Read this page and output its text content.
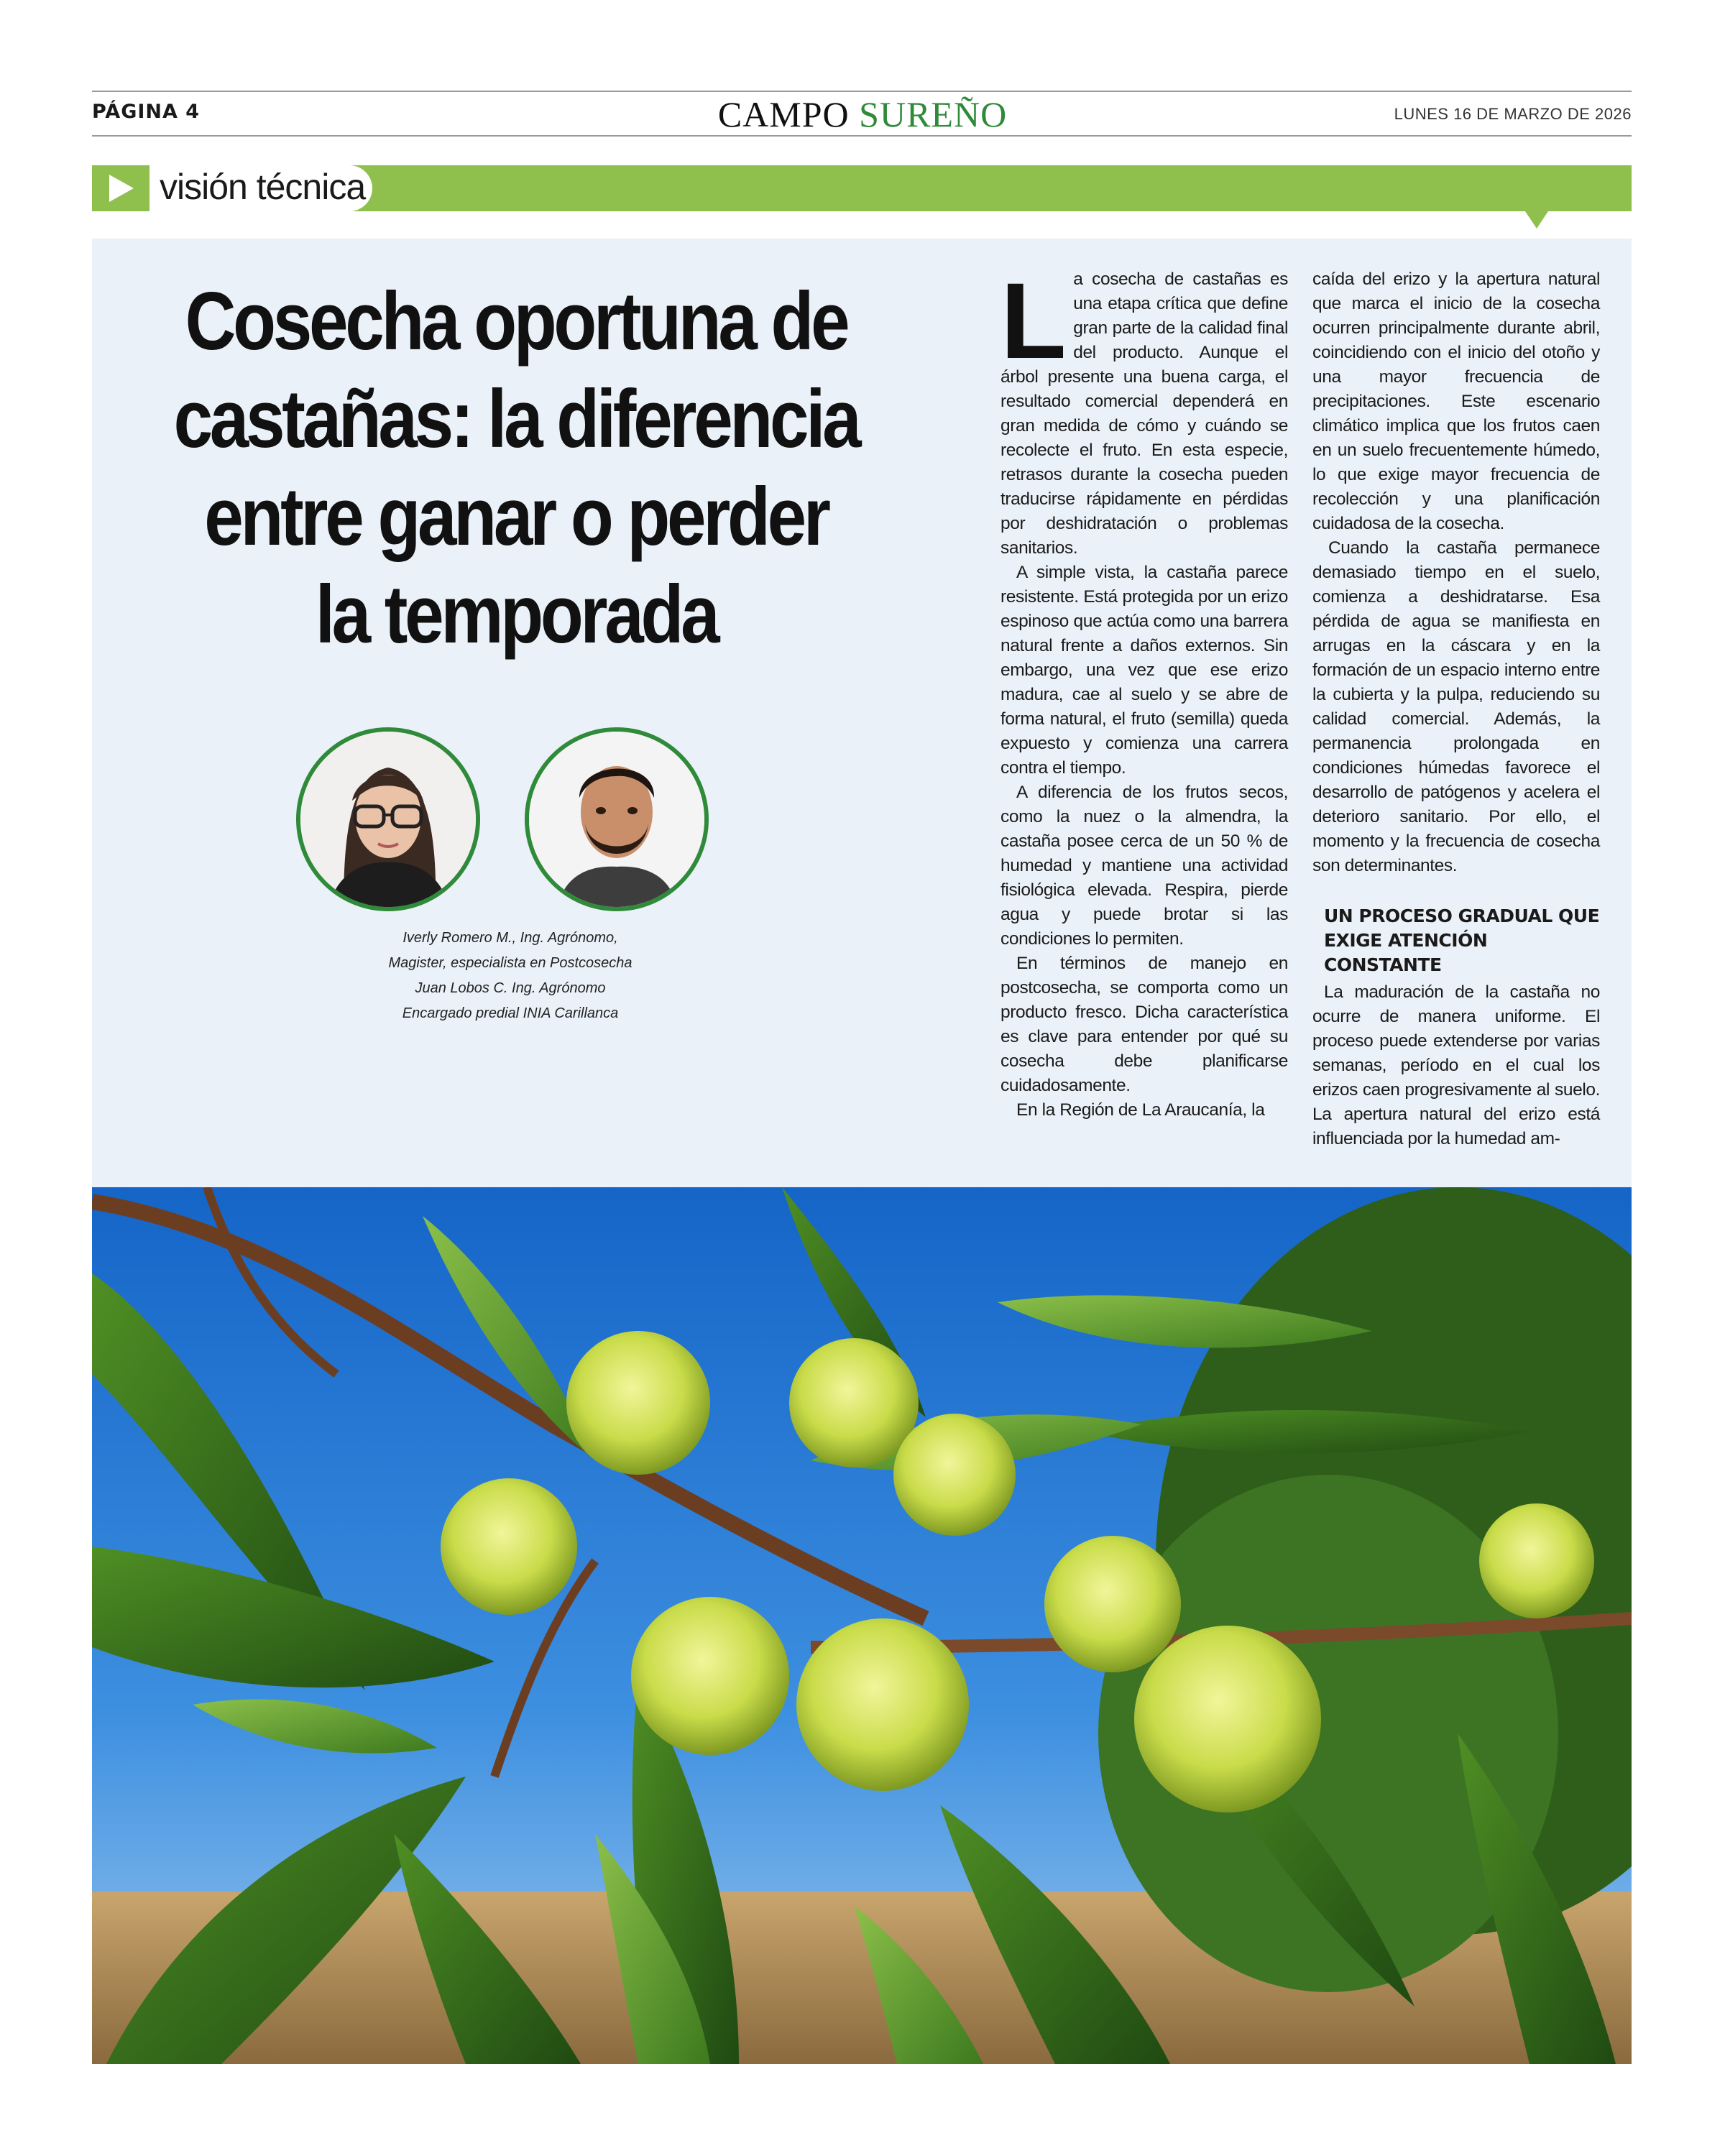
PÁGINA 4	CAMPO SUREÑO	LUNES 16 DE MARZO DE 2026
visión técnica
Cosecha oportuna de castañas: la diferencia entre ganar o perder la temporada
Iverly Romero M., Ing. Agrónomo,
Magister, especialista en Postcosecha
Juan Lobos C. Ing. Agrónomo
Encargado predial INIA Carillanca

La cosecha de castañas es una etapa crítica que define gran parte de la calidad final del producto. Aunque el árbol presente una buena carga, el resultado comercial dependerá en gran medida de cómo y cuándo se recolecte el fruto. En esta especie, retrasos durante la cosecha pueden traducirse rápidamente en pérdidas por deshidratación o problemas sanitarios.

A simple vista, la castaña parece resistente. Está protegida por un erizo espinoso que actúa como una barrera natural frente a daños externos. Sin embargo, una vez que ese erizo madura, cae al suelo y se abre de forma natural, el fruto (semilla) queda expuesto y comienza una carrera contra el tiempo.

A diferencia de los frutos secos, como la nuez o la almendra, la castaña posee cerca de un 50 % de humedad y mantiene una actividad fisiológica elevada. Respira, pierde agua y puede brotar si las condiciones lo permiten.

En términos de manejo en postcosecha, se comporta como un producto fresco. Dicha característica es clave para entender por qué su cosecha debe planificarse cuidadosamente.

En la Región de La Araucanía, la

caída del erizo y la apertura natural que marca el inicio de la cosecha ocurren principalmente durante abril, coincidiendo con el inicio del otoño y una mayor frecuencia de precipitaciones. Este escenario climático implica que los frutos caen en un suelo frecuentemente húmedo, lo que exige mayor frecuencia de recolección y una planificación cuidadosa de la cosecha.

Cuando la castaña permanece demasiado tiempo en el suelo, comienza a deshidratarse. Esa pérdida de agua se manifiesta en arrugas en la cáscara y en la formación de un espacio interno entre la cubierta y la pulpa, reduciendo su calidad comercial. Además, la permanencia prolongada en condiciones húmedas favorece el desarrollo de patógenos y acelera el deterioro sanitario. Por ello, el momento y la frecuencia de cosecha son determinantes.

UN PROCESO GRADUAL QUE EXIGE ATENCIÓN CONSTANTE

La maduración de la castaña no ocurre de manera uniforme. El proceso puede extenderse por varias semanas, período en el cual los erizos caen progresivamente al suelo. La apertura natural del erizo está influenciada por la humedad am-
